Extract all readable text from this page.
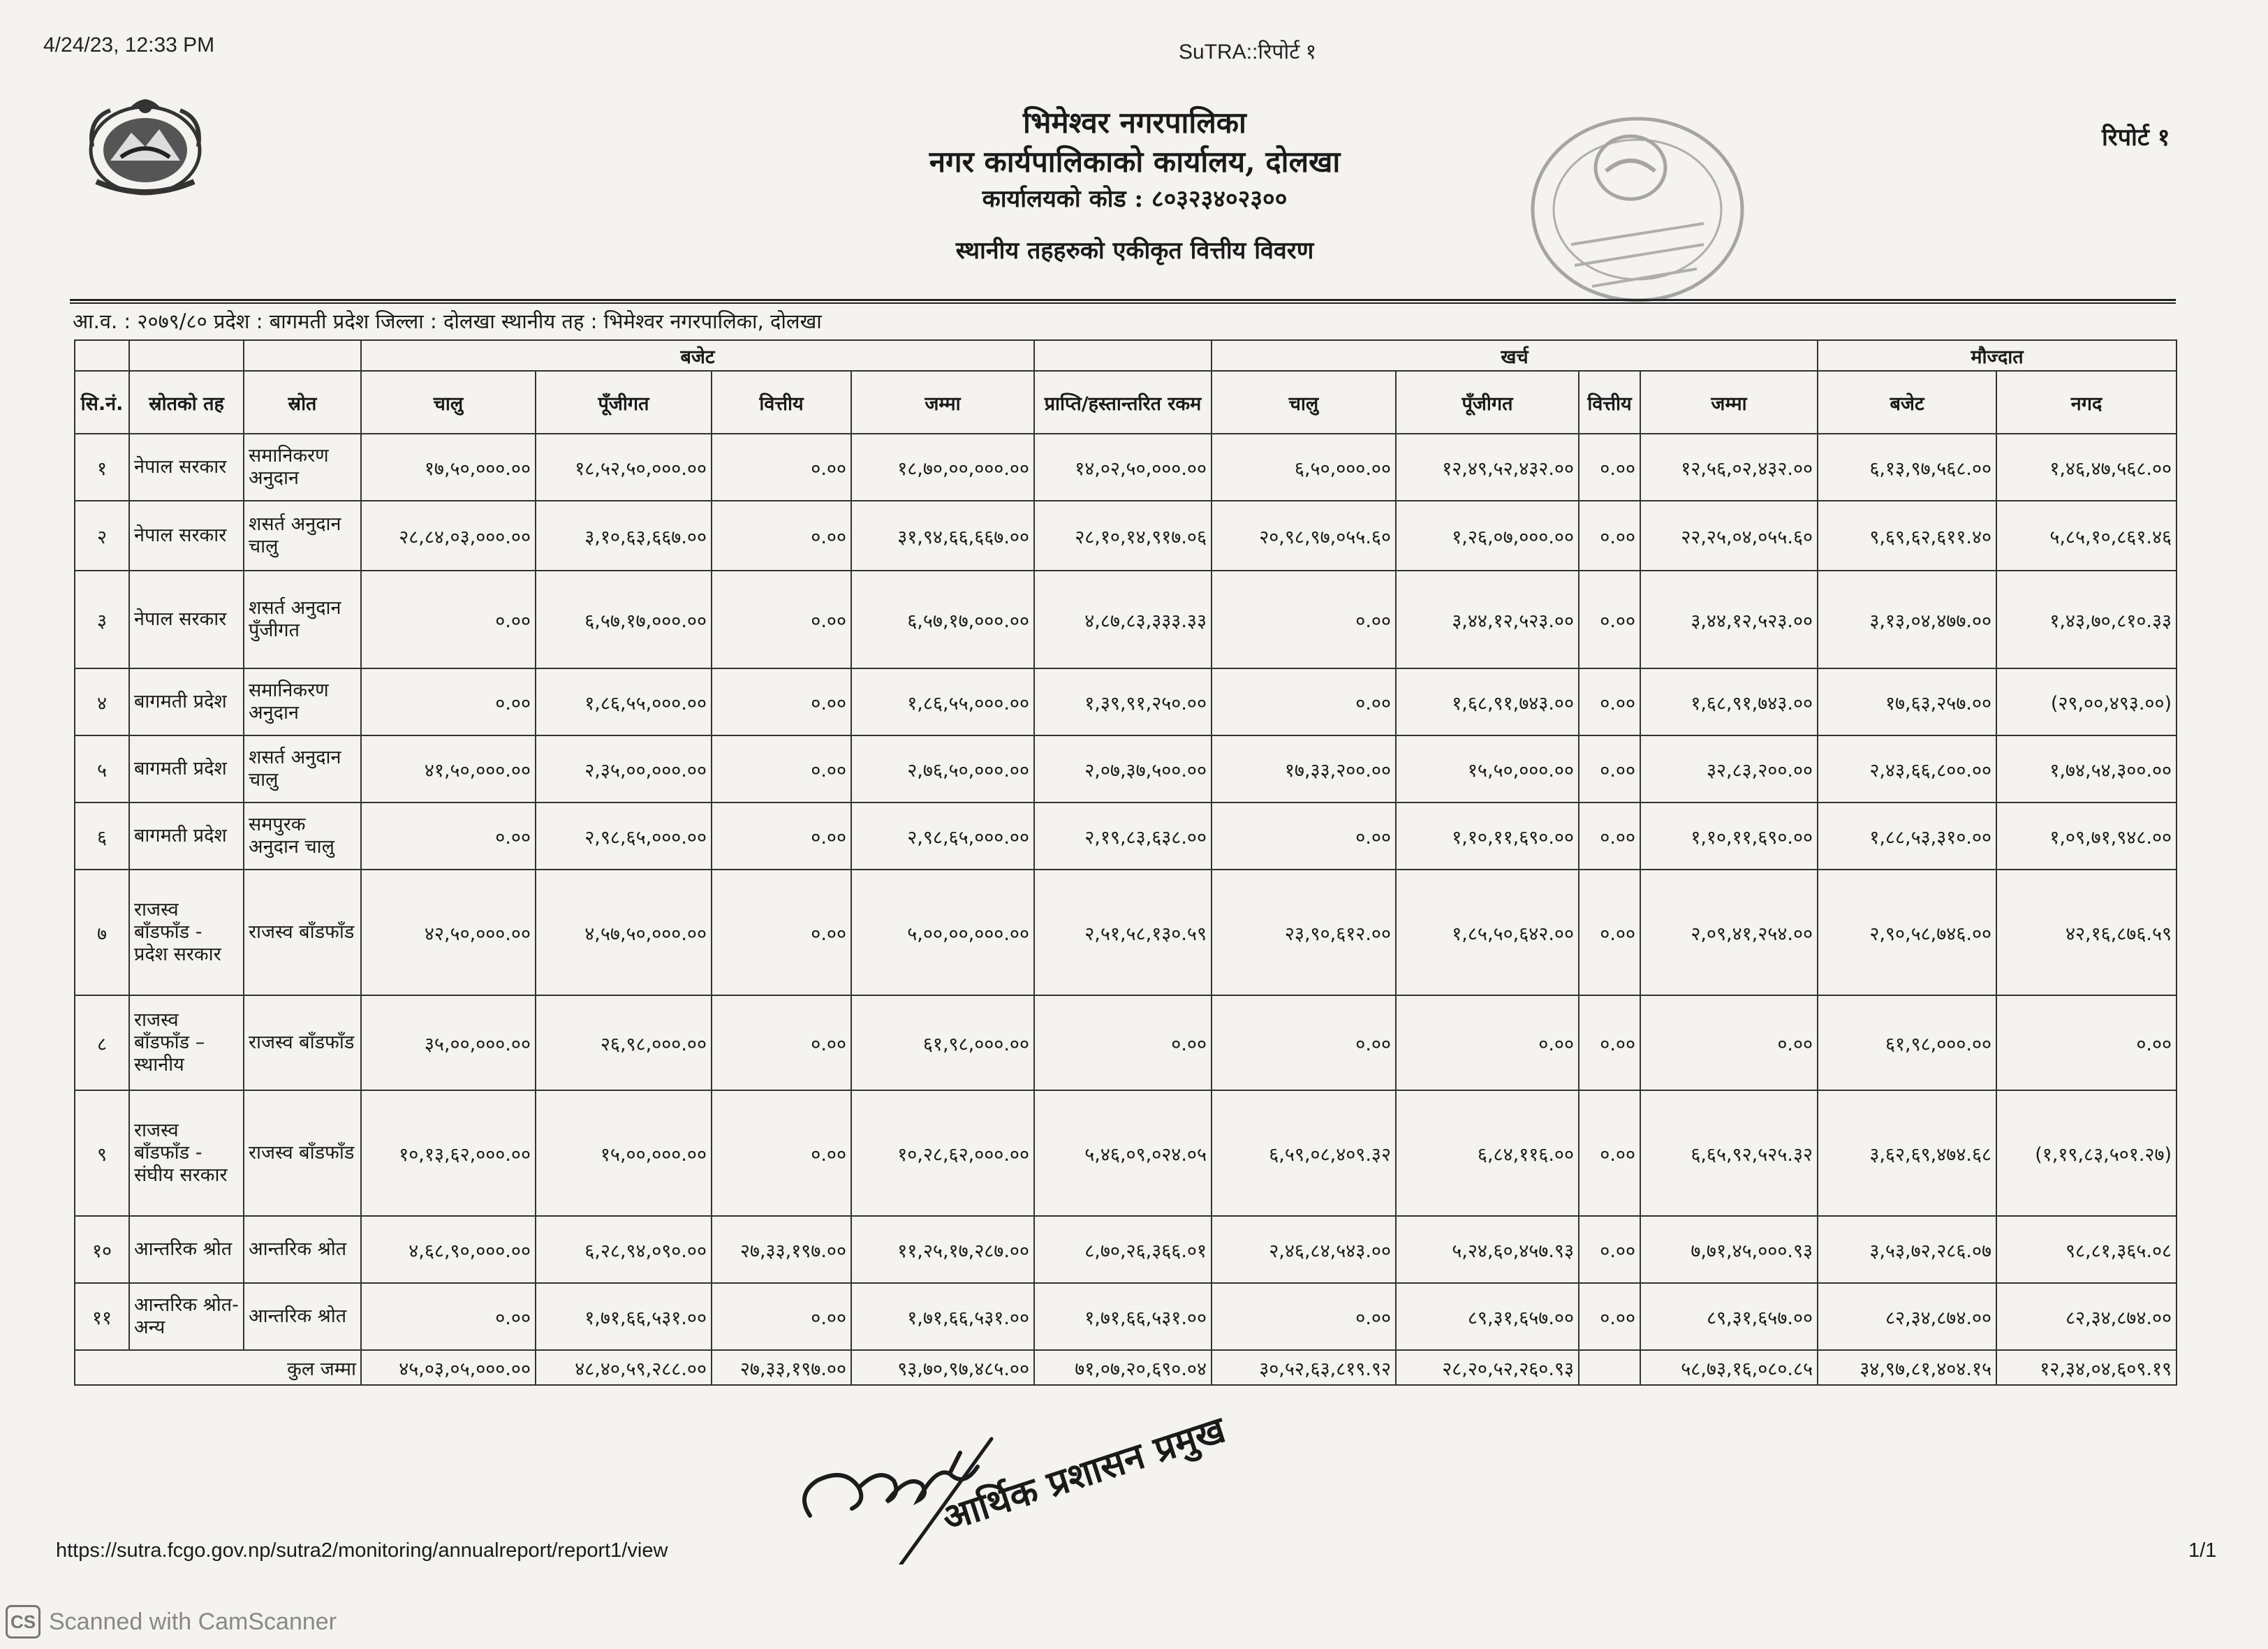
4/24/23, 12:33 PM	SuTRA::रिपोर्ट १
भिमेश्वर नगरपालिका
नगर कार्यपालिकाको कार्यालय, दोलखा
कार्यालयको कोड : ८०३२३४०२३००
स्थानीय तहहरुको एकीकृत वित्तीय विवरण
रिपोर्ट १
आ.व. : २०७९/८० प्रदेश : बागमती प्रदेश जिल्ला : दोलखा स्थानीय तह : भिमेश्वर नगरपालिका, दोलखा
			बजेट					खर्च				मौज्दात	
सि.नं.	स्रोतको तह	स्रोत	चालु	पूँजीगत	वित्तीय	जम्मा	प्राप्ति/हस्तान्तरित रकम	चालु	पूँजीगत	वित्तीय	जम्मा	बजेट	नगद
१	नेपाल सरकार	समानिकरण अनुदान	१७,५०,०००.००	१८,५२,५०,०००.००	०.००	१८,७०,००,०००.००	१४,०२,५०,०००.००	६,५०,०००.००	१२,४९,५२,४३२.००	०.००	१२,५६,०२,४३२.००	६,१३,९७,५६८.००	१,४६,४७,५६८.००
२	नेपाल सरकार	शसर्त अनुदान चालु	२८,८४,०३,०००.००	३,१०,६३,६६७.००	०.००	३१,९४,६६,६६७.००	२८,१०,१४,९१७.०६	२०,९८,९७,०५५.६०	१,२६,०७,०००.००	०.००	२२,२५,०४,०५५.६०	९,६९,६२,६११.४०	५,८५,१०,८६१.४६
३	नेपाल सरकार	शसर्त अनुदान पुँजीगत	०.००	६,५७,१७,०००.००	०.००	६,५७,१७,०००.००	४,८७,८३,३३३.३३	०.००	३,४४,१२,५२३.००	०.००	३,४४,१२,५२३.००	३,१३,०४,४७७.००	१,४३,७०,८१०.३३
४	बागमती प्रदेश	समानिकरण अनुदान	०.००	१,८६,५५,०००.००	०.००	१,८६,५५,०००.००	१,३९,९१,२५०.००	०.००	१,६८,९१,७४३.००	०.००	१,६८,९१,७४३.००	१७,६३,२५७.००	(२९,००,४९३.००)
५	बागमती प्रदेश	शसर्त अनुदान चालु	४१,५०,०००.००	२,३५,००,०००.००	०.००	२,७६,५०,०००.००	२,०७,३७,५००.००	१७,३३,२००.००	१५,५०,०००.००	०.००	३२,८३,२००.००	२,४३,६६,८००.००	१,७४,५४,३००.००
६	बागमती प्रदेश	समपुरक अनुदान चालु	०.००	२,९८,६५,०००.००	०.००	२,९८,६५,०००.००	२,१९,८३,६३८.००	०.००	१,१०,११,६९०.००	०.००	१,१०,११,६९०.००	१,८८,५३,३१०.००	१,०९,७१,९४८.००
७	राजस्व बाँडफाँड - प्रदेश सरकार	राजस्व बाँडफाँड	४२,५०,०००.००	४,५७,५०,०००.००	०.००	५,००,००,०००.००	२,५१,५८,१३०.५९	२३,९०,६१२.००	१,८५,५०,६४२.००	०.००	२,०९,४१,२५४.००	२,९०,५८,७४६.००	४२,१६,८७६.५९
८	राजस्व बाँडफाँड – स्थानीय	राजस्व बाँडफाँड	३५,००,०००.००	२६,९८,०००.००	०.००	६१,९८,०००.००	०.००	०.००	०.००	०.००	०.००	६१,९८,०००.००	०.००
९	राजस्व बाँडफाँड - संघीय सरकार	राजस्व बाँडफाँड	१०,१३,६२,०००.००	१५,००,०००.००	०.००	१०,२८,६२,०००.००	५,४६,०९,०२४.०५	६,५९,०८,४०९.३२	६,८४,११६.००	०.००	६,६५,९२,५२५.३२	३,६२,६९,४७४.६८	(१,१९,८३,५०१.२७)
१०	आन्तरिक श्रोत	आन्तरिक श्रोत	४,६८,९०,०००.००	६,२८,९४,०९०.००	२७,३३,१९७.००	११,२५,१७,२८७.००	८,७०,२६,३६६.०१	२,४६,८४,५४३.००	५,२४,६०,४५७.९३	०.००	७,७१,४५,०००.९३	३,५३,७२,२८६.०७	९८,८१,३६५.०८
११	आन्तरिक श्रोत-अन्य	आन्तरिक श्रोत	०.००	१,७१,६६,५३१.००	०.००	१,७१,६६,५३१.००	१,७१,६६,५३१.००	०.००	८९,३१,६५७.००	०.००	८९,३१,६५७.००	८२,३४,८७४.००	८२,३४,८७४.००
कुल जम्मा			४५,०३,०५,०००.००	४८,४०,५९,२८८.००	२७,३३,१९७.००	९३,७०,९७,४८५.००	७१,०७,२०,६९०.०४	३०,५२,६३,८१९.९२	२८,२०,५२,२६०.९३		५८,७३,१६,०८०.८५	३४,९७,८१,४०४.१५	१२,३४,०४,६०९.१९
आर्थिक प्रशासन प्रमुख
https://sutra.fcgo.gov.np/sutra2/monitoring/annualreport/report1/view	1/1
CS Scanned with CamScanner
